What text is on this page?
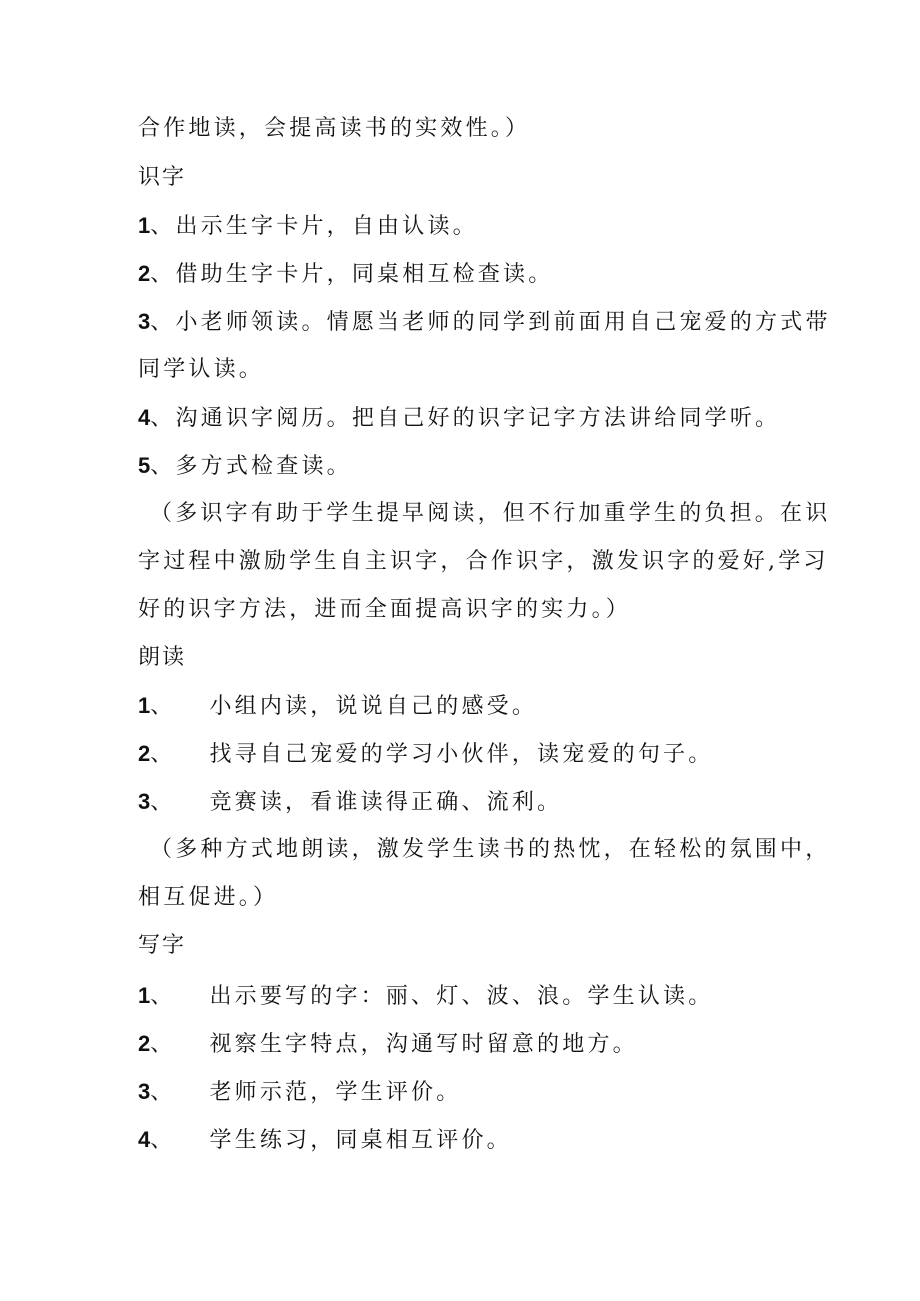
合作地读，会提高读书的实效性。）
识字
1、出示生字卡片，自由认读。
2、借助生字卡片，同桌相互检查读。
3、小老师领读。情愿当老师的同学到前面用自己宠爱的方式带
同学认读。
4、沟通识字阅历。把自己好的识字记字方法讲给同学听。
5、多方式检查读。
（多识字有助于学生提早阅读，但不行加重学生的负担。在识
字过程中激励学生自主识字，合作识字，激发识字的爱好,学习
好的识字方法，进而全面提高识字的实力。）
朗读
1、 小组内读，说说自己的感受。
2、 找寻自己宠爱的学习小伙伴，读宠爱的句子。
3、 竞赛读，看谁读得正确、流利。
（多种方式地朗读，激发学生读书的热忱，在轻松的氛围中，
相互促进。）
写字
1、 出示要写的字：丽、灯、波、浪。学生认读。
2、 视察生字特点，沟通写时留意的地方。
3、 老师示范，学生评价。
4、 学生练习，同桌相互评价。
